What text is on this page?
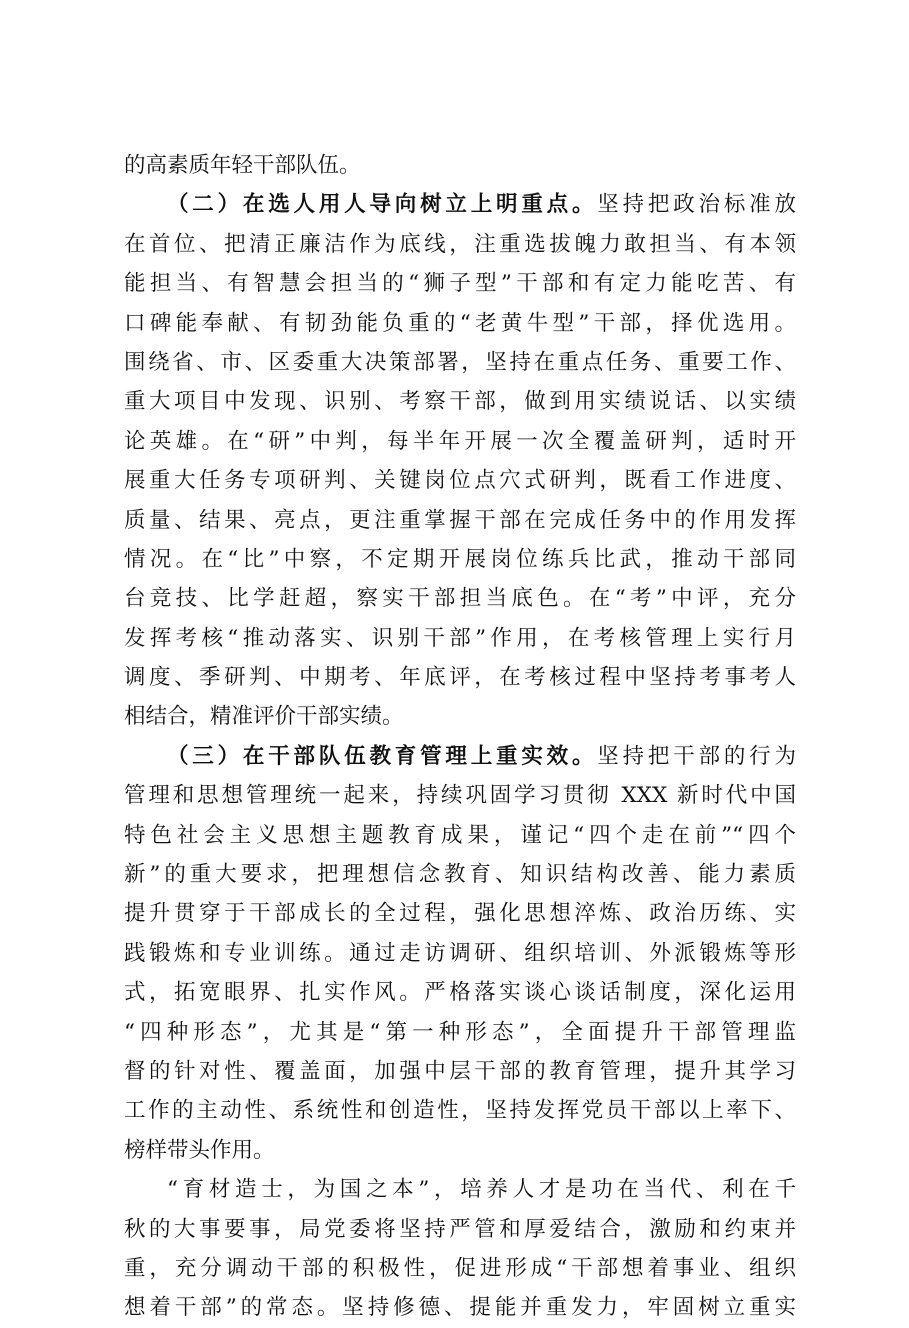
的高素质年轻干部队伍。
（二）在选人用人导向树立上明重点。坚持把政治标准放
在首位、把清正廉洁作为底线，注重选拔魄力敢担当、有本领
能担当、有智慧会担当的“狮子型”干部和有定力能吃苦、有
口碑能奉献、有韧劲能负重的“老黄牛型”干部，择优选用。
围绕省、市、区委重大决策部署，坚持在重点任务、重要工作、
重大项目中发现、识别、考察干部，做到用实绩说话、以实绩
论英雄。在“研”中判，每半年开展一次全覆盖研判，适时开
展重大任务专项研判、关键岗位点穴式研判，既看工作进度、
质量、结果、亮点，更注重掌握干部在完成任务中的作用发挥
情况。在“比”中察，不定期开展岗位练兵比武，推动干部同
台竞技、比学赶超，察实干部担当底色。在“考”中评，充分
发挥考核“推动落实、识别干部”作用，在考核管理上实行月
调度、季研判、中期考、年底评，在考核过程中坚持考事考人
相结合，精准评价干部实绩。
（三）在干部队伍教育管理上重实效。坚持把干部的行为
管理和思想管理统一起来，持续巩固学习贯彻 XXX 新时代中国
特色社会主义思想主题教育成果，谨记“四个走在前”“四个
新”的重大要求，把理想信念教育、知识结构改善、能力素质
提升贯穿于干部成长的全过程，强化思想淬炼、政治历练、实
践锻炼和专业训练。通过走访调研、组织培训、外派锻炼等形
式，拓宽眼界、扎实作风。严格落实谈心谈话制度，深化运用
“四种形态”，尤其是“第一种形态”，全面提升干部管理监
督的针对性、覆盖面，加强中层干部的教育管理，提升其学习
工作的主动性、系统性和创造性，坚持发挥党员干部以上率下、
榜样带头作用。
“育材造士，为国之本”，培养人才是功在当代、利在千
秋的大事要事，局党委将坚持严管和厚爱结合，激励和约束并
重，充分调动干部的积极性，促进形成“干部想着事业、组织
想着干部”的常态。坚持修德、提能并重发力，牢固树立重实
